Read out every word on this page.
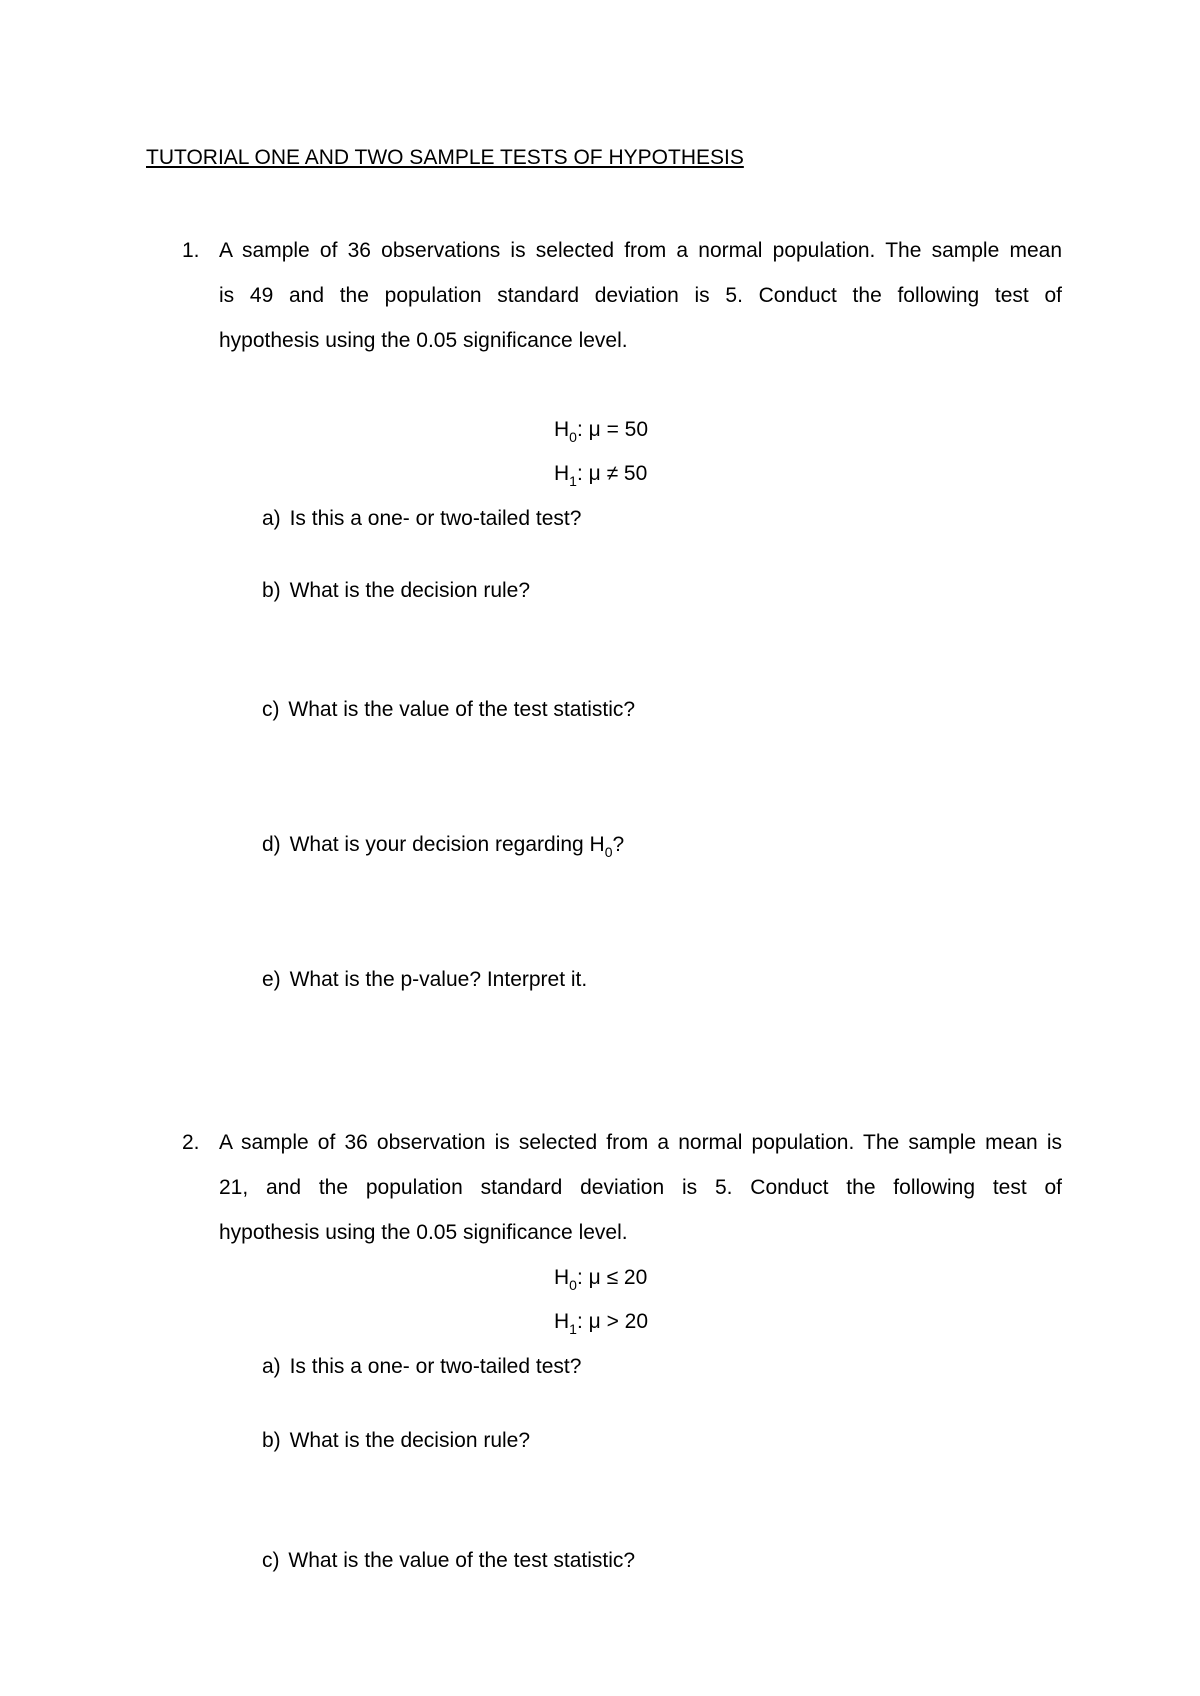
TUTORIAL ONE AND TWO SAMPLE TESTS OF HYPOTHESIS
1. A sample of 36 observations is selected from a normal population. The sample mean
is 49 and the population standard deviation is 5. Conduct the following test of
hypothesis using the 0.05 significance level.
$H_0$: μ = 50
$H_1$: μ ≠ 50
a) Is this a one- or two-tailed test?
b) What is the decision rule?
c) What is the value of the test statistic?
d) What is your decision regarding H0?
e) What is the p-value? Interpret it.
2. A sample of 36 observation is selected from a normal population. The sample mean is
21, and the population standard deviation is 5. Conduct the following test of
hypothesis using the 0.05 significance level.
$H_0$: μ ≤ 20
$H_1$: μ > 20
a) Is this a one- or two-tailed test?
b) What is the decision rule?
c) What is the value of the test statistic?
